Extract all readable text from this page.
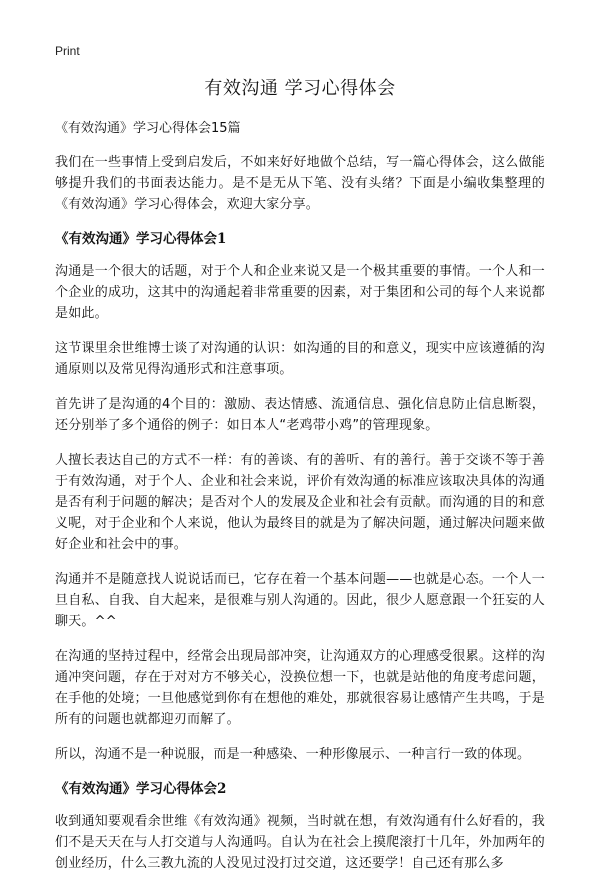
Print
有效沟通 学习心得体会
《有效沟通》学习心得体会15篇

我们在一些事情上受到启发后，不如来好好地做个总结，写一篇心得体会，这么做能够提升我们的书面表达能力。是不是无从下笔、没有头绪？下面是小编收集整理的《有效沟通》学习心得体会，欢迎大家分享。

《有效沟通》学习心得体会1

沟通是一个很大的话题，对于个人和企业来说又是一个极其重要的事情。一个人和一个企业的成功，这其中的沟通起着非常重要的因素，对于集团和公司的每个人来说都是如此。

这节课里余世维博士谈了对沟通的认识：如沟通的目的和意义，现实中应该遵循的沟通原则以及常见得沟通形式和注意事项。

首先讲了是沟通的4个目的：激励、表达情感、流通信息、强化信息防止信息断裂，还分别举了多个通俗的例子：如日本人“老鸡带小鸡”的管理现象。

人擅长表达自己的方式不一样：有的善谈、有的善听、有的善行。善于交谈不等于善于有效沟通，对于个人、企业和社会来说，评价有效沟通的标准应该取决具体的沟通是否有利于问题的解决；是否对个人的发展及企业和社会有贡献。而沟通的目的和意义呢，对于企业和个人来说，他认为最终目的就是为了解决问题，通过解决问题来做好企业和社会中的事。

沟通并不是随意找人说说话而已，它存在着一个基本问题——也就是心态。一个人一旦自私、自我、自大起来，是很难与别人沟通的。因此，很少人愿意跟一个狂妄的人聊天。^^

在沟通的坚持过程中，经常会出现局部冲突，让沟通双方的心理感受很累。这样的沟通冲突问题，存在于对对方不够关心，没换位想一下，也就是站他的角度考虑问题，在手他的处境；一旦他感觉到你有在想他的难处，那就很容易让感情产生共鸣，于是所有的问题也就都迎刃而解了。

所以，沟通不是一种说服，而是一种感染、一种形像展示、一种言行一致的体现。

《有效沟通》学习心得体会2

收到通知要观看余世维《有效沟通》视频，当时就在想，有效沟通有什么好看的，我们不是天天在与人打交道与人沟通吗。自认为在社会上摸爬滚打十几年，外加两年的创业经历，什么三教九流的人没见过没打过交道，这还要学！自己还有那么多
